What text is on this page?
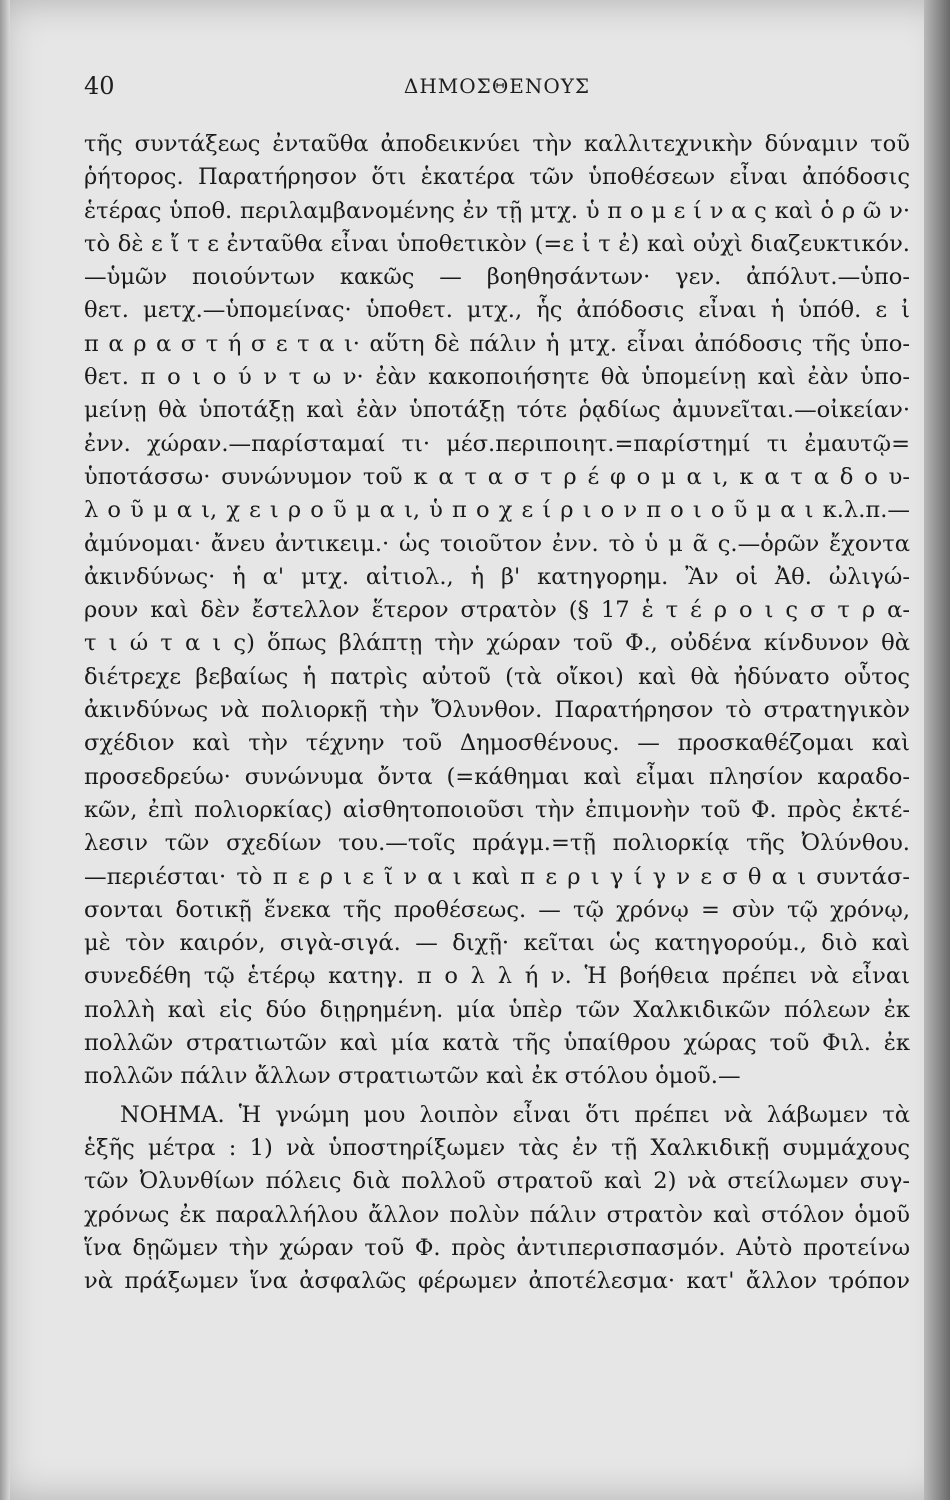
40	ΔΗΜΟΣΘΕΝΟΥΣ
τῆς συντάξεως ἐνταῦθα ἀποδεικνύει τὴν καλλιτεχνικὴν δύναμιν τοῦ
ῥήτορος. Παρατήρησον ὅτι ἑκατέρα τῶν ὑποθέσεων εἶναι ἀπόδοσις
ἑτέρας ὑποθ. περιλαμβανομένης ἐν τῇ μτχ. ὑ π ο μ ε ί ν α ς καὶ ὁ ρ ῶ ν·
τὸ δὲ ε ἴ τ ε ἐνταῦθα εἶναι ὑποθετικὸν (=ε ἰ τ ἐ) καὶ οὐχὶ διαζευκτικόν.
—ὑμῶν ποιούντων κακῶς — βοηθησάντων· γεν. ἀπόλυτ.—ὑπο-
θετ. μετχ.—ὑπομείνας· ὑποθετ. μτχ., ἧς ἀπόδοσις εἶναι ἡ ὑπόθ. ε ἰ
π α ρ α σ τ ή σ ε τ α ι· αὕτη δὲ πάλιν ἡ μτχ. εἶναι ἀπόδοσις τῆς ὑπο-
θετ. π ο ι ο ύ ν τ ω ν· ἐὰν κακοποιήσητε θὰ ὑπομείνῃ καὶ ἐὰν ὑπο-
μείνῃ θὰ ὑποτάξῃ καὶ ἐὰν ὑποτάξῃ τότε ῥᾳδίως ἀμυνεῖται.—οἰκείαν·
ἐνν. χώραν.—παρίσταμαί τι· μέσ.περιποιητ.=παρίστημί τι ἐμαυτῷ=
ὑποτάσσω· συνώνυμον τοῦ κ α τ α σ τ ρ έ φ ο μ α ι, κ α τ α δ ο υ-
λ ο ῦ μ α ι, χ ε ι ρ ο ῦ μ α ι, ὑ π ο χ ε ί ρ ι ο ν π ο ι ο ῦ μ α ι κ.λ.π.—
ἀμύνομαι· ἄνευ ἀντικειμ.· ὡς τοιοῦτον ἐνν. τὸ ὑ μ ᾶ ς.—ὁρῶν ἔχοντα
ἀκινδύνως· ἡ α' μτχ. αἰτιολ., ἡ β' κατηγορημ. Ἂν οἱ Ἀθ. ὠλιγώ-
ρουν καὶ δὲν ἔστελλον ἕτερον στρατὸν (§ 17 ἑ τ έ ρ ο ι ς σ τ ρ α-
τ ι ώ τ α ι ς) ὅπως βλάπτῃ τὴν χώραν τοῦ Φ., οὐδένα κίνδυνον θὰ
διέτρεχε βεβαίως ἡ πατρὶς αὐτοῦ (τὰ οἴκοι) καὶ θὰ ἠδύνατο οὗτος
ἀκινδύνως νὰ πολιορκῇ τὴν Ὄλυνθον. Παρατήρησον τὸ στρατηγικὸν
σχέδιον καὶ τὴν τέχνην τοῦ Δημοσθένους. — προσκαθέζομαι καὶ
προσεδρεύω· συνώνυμα ὄντα (=κάθημαι καὶ εἶμαι πλησίον καραδο-
κῶν, ἐπὶ πολιορκίας) αἰσθητοποιοῦσι τὴν ἐπιμονὴν τοῦ Φ. πρὸς ἐκτέ-
λεσιν τῶν σχεδίων του.—τοῖς πράγμ.=τῇ πολιορκίᾳ τῆς Ὀλύνθου.
—περιέσται· τὸ π ε ρ ι ε ῖ ν α ι καὶ π ε ρ ι γ ί γ ν ε σ θ α ι συντάσ-
σονται δοτικῇ ἕνεκα τῆς προθέσεως. — τῷ χρόνῳ = σὺν τῷ χρόνῳ,
μὲ τὸν καιρόν, σιγὰ-σιγά. — διχῇ· κεῖται ὡς κατηγορούμ., διὸ καὶ
συνεδέθη τῷ ἑτέρῳ κατηγ. π ο λ λ ή ν. Ἡ βοήθεια πρέπει νὰ εἶναι
πολλὴ καὶ εἰς δύο διῃρημένη. μία ὑπὲρ τῶν Χαλκιδικῶν πόλεων ἐκ
πολλῶν στρατιωτῶν καὶ μία κατὰ τῆς ὑπαίθρου χώρας τοῦ Φιλ. ἐκ
πολλῶν πάλιν ἄλλων στρατιωτῶν καὶ ἐκ στόλου ὁμοῦ.—
ΝΟΗΜΑ. Ἡ γνώμη μου λοιπὸν εἶναι ὅτι πρέπει νὰ λάβωμεν τὰ
ἑξῆς μέτρα : 1) νὰ ὑποστηρίξωμεν τὰς ἐν τῇ Χαλκιδικῇ συμμάχους
τῶν Ὀλυνθίων πόλεις διὰ πολλοῦ στρατοῦ καὶ 2) νὰ στείλωμεν συγ-
χρόνως ἐκ παραλλήλου ἄλλον πολὺν πάλιν στρατὸν καὶ στόλον ὁμοῦ
ἵνα δῃῶμεν τὴν χώραν τοῦ Φ. πρὸς ἀντιπερισπασμόν. Αὐτὸ προτείνω
νὰ πράξωμεν ἵνα ἀσφαλῶς φέρωμεν ἀποτέλεσμα· κατ' ἄλλον τρόπον
